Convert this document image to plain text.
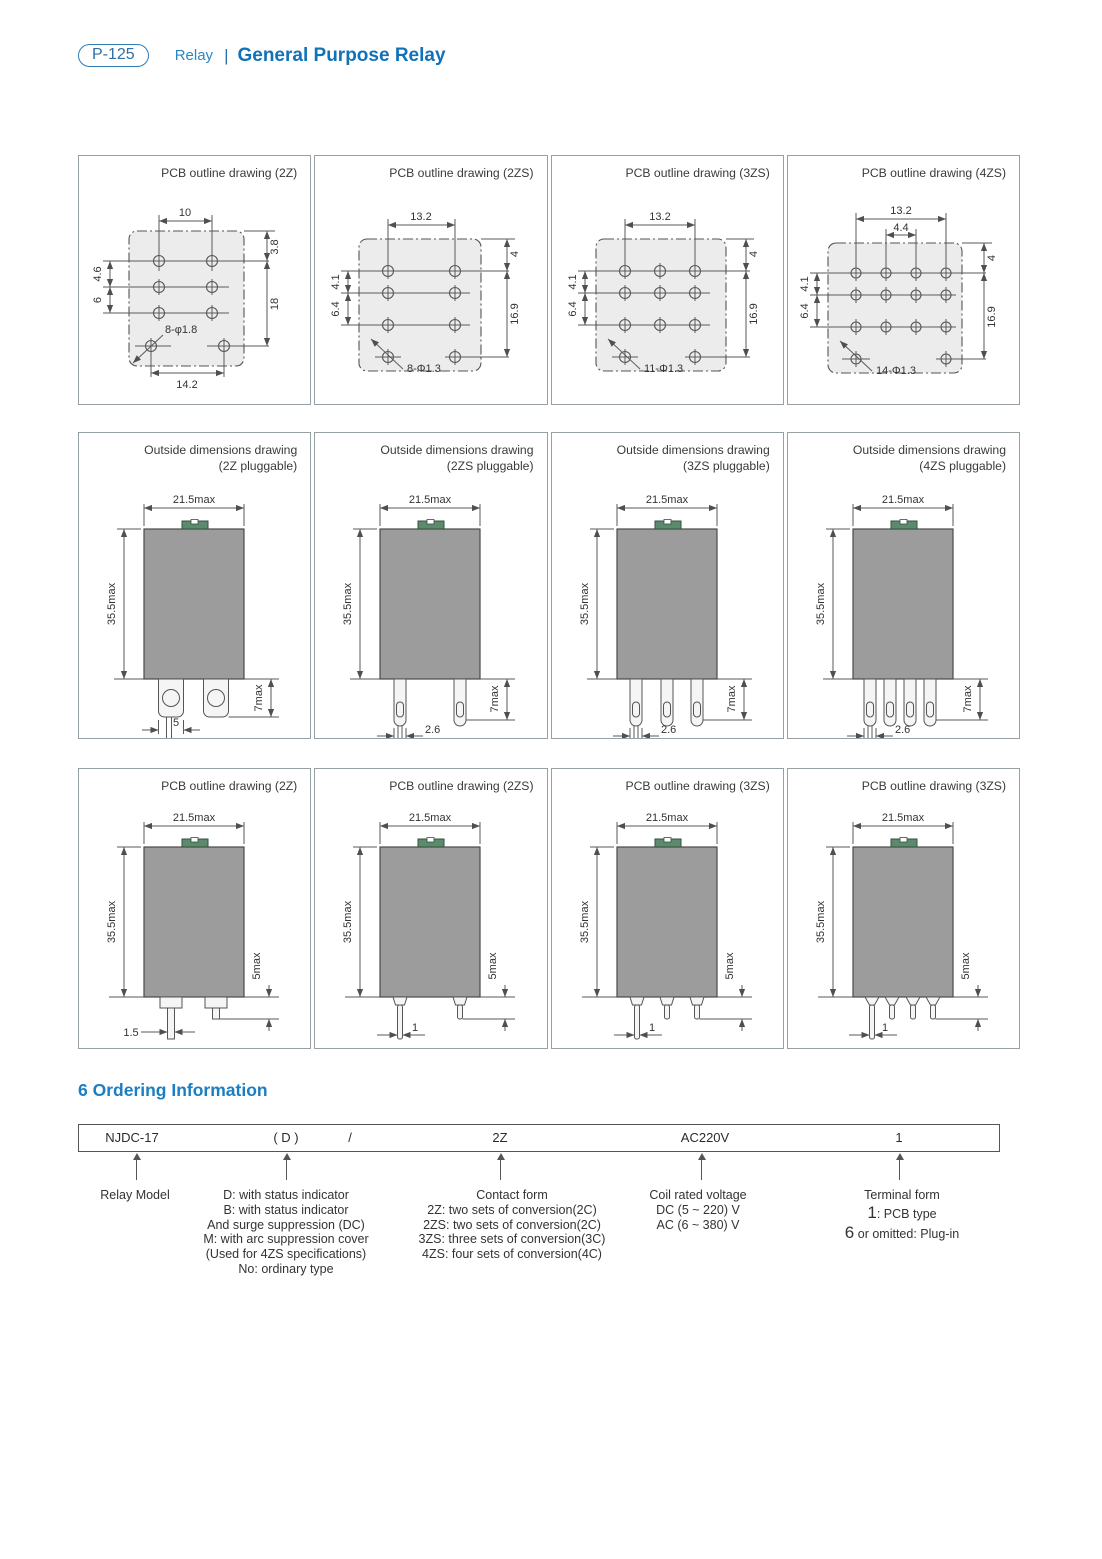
P-125	Relay | General Purpose Relay
PCB outline drawing (2Z)
10
3.8
18
4.6
6
8-φ1.8
14.2
PCB outline drawing (2ZS)
13.2
4
16.9
4.1
6.4
8-Φ1.3
PCB outline drawing (3ZS)
13.2
4
16.9
4.1
6.4
11-Φ1.3
PCB outline drawing (4ZS)
13.2
4.4
4
16.9
4.1
6.4
14-Φ1.3
Outside dimensions drawing
(2Z pluggable)
21.5max
35.5max
7max
5
Outside dimensions drawing
(2ZS pluggable)
21.5max
35.5max
7max
2.6
Outside dimensions drawing
(3ZS pluggable)
21.5max
35.5max
7max
2.6
Outside dimensions drawing
(4ZS pluggable)
21.5max
35.5max
7max
2.6
PCB outline drawing (2Z)
21.5max
35.5max
5max
1.5
PCB outline drawing (2ZS)
21.5max
35.5max
5max
1
PCB outline drawing (3ZS)
21.5max
35.5max
5max
1
PCB outline drawing (3ZS)
21.5max
35.5max
5max
1
6 Ordering Information
NJDC-17	( D )	/	2Z	AC220V	1
Relay Model	D: with status indicator
B: with status indicator
And surge suppression (DC)
M: with arc suppression cover
(Used for 4ZS specifications)
No: ordinary type
Contact form
2Z: two sets of conversion(2C)
2ZS: two sets of conversion(2C)
3ZS: three sets of conversion(3C)
4ZS: four sets of conversion(4C)
Coil rated voltage
DC (5 ~ 220) V
AC (6 ~ 380) V
Terminal form
1: PCB type
6 or omitted: Plug-in
